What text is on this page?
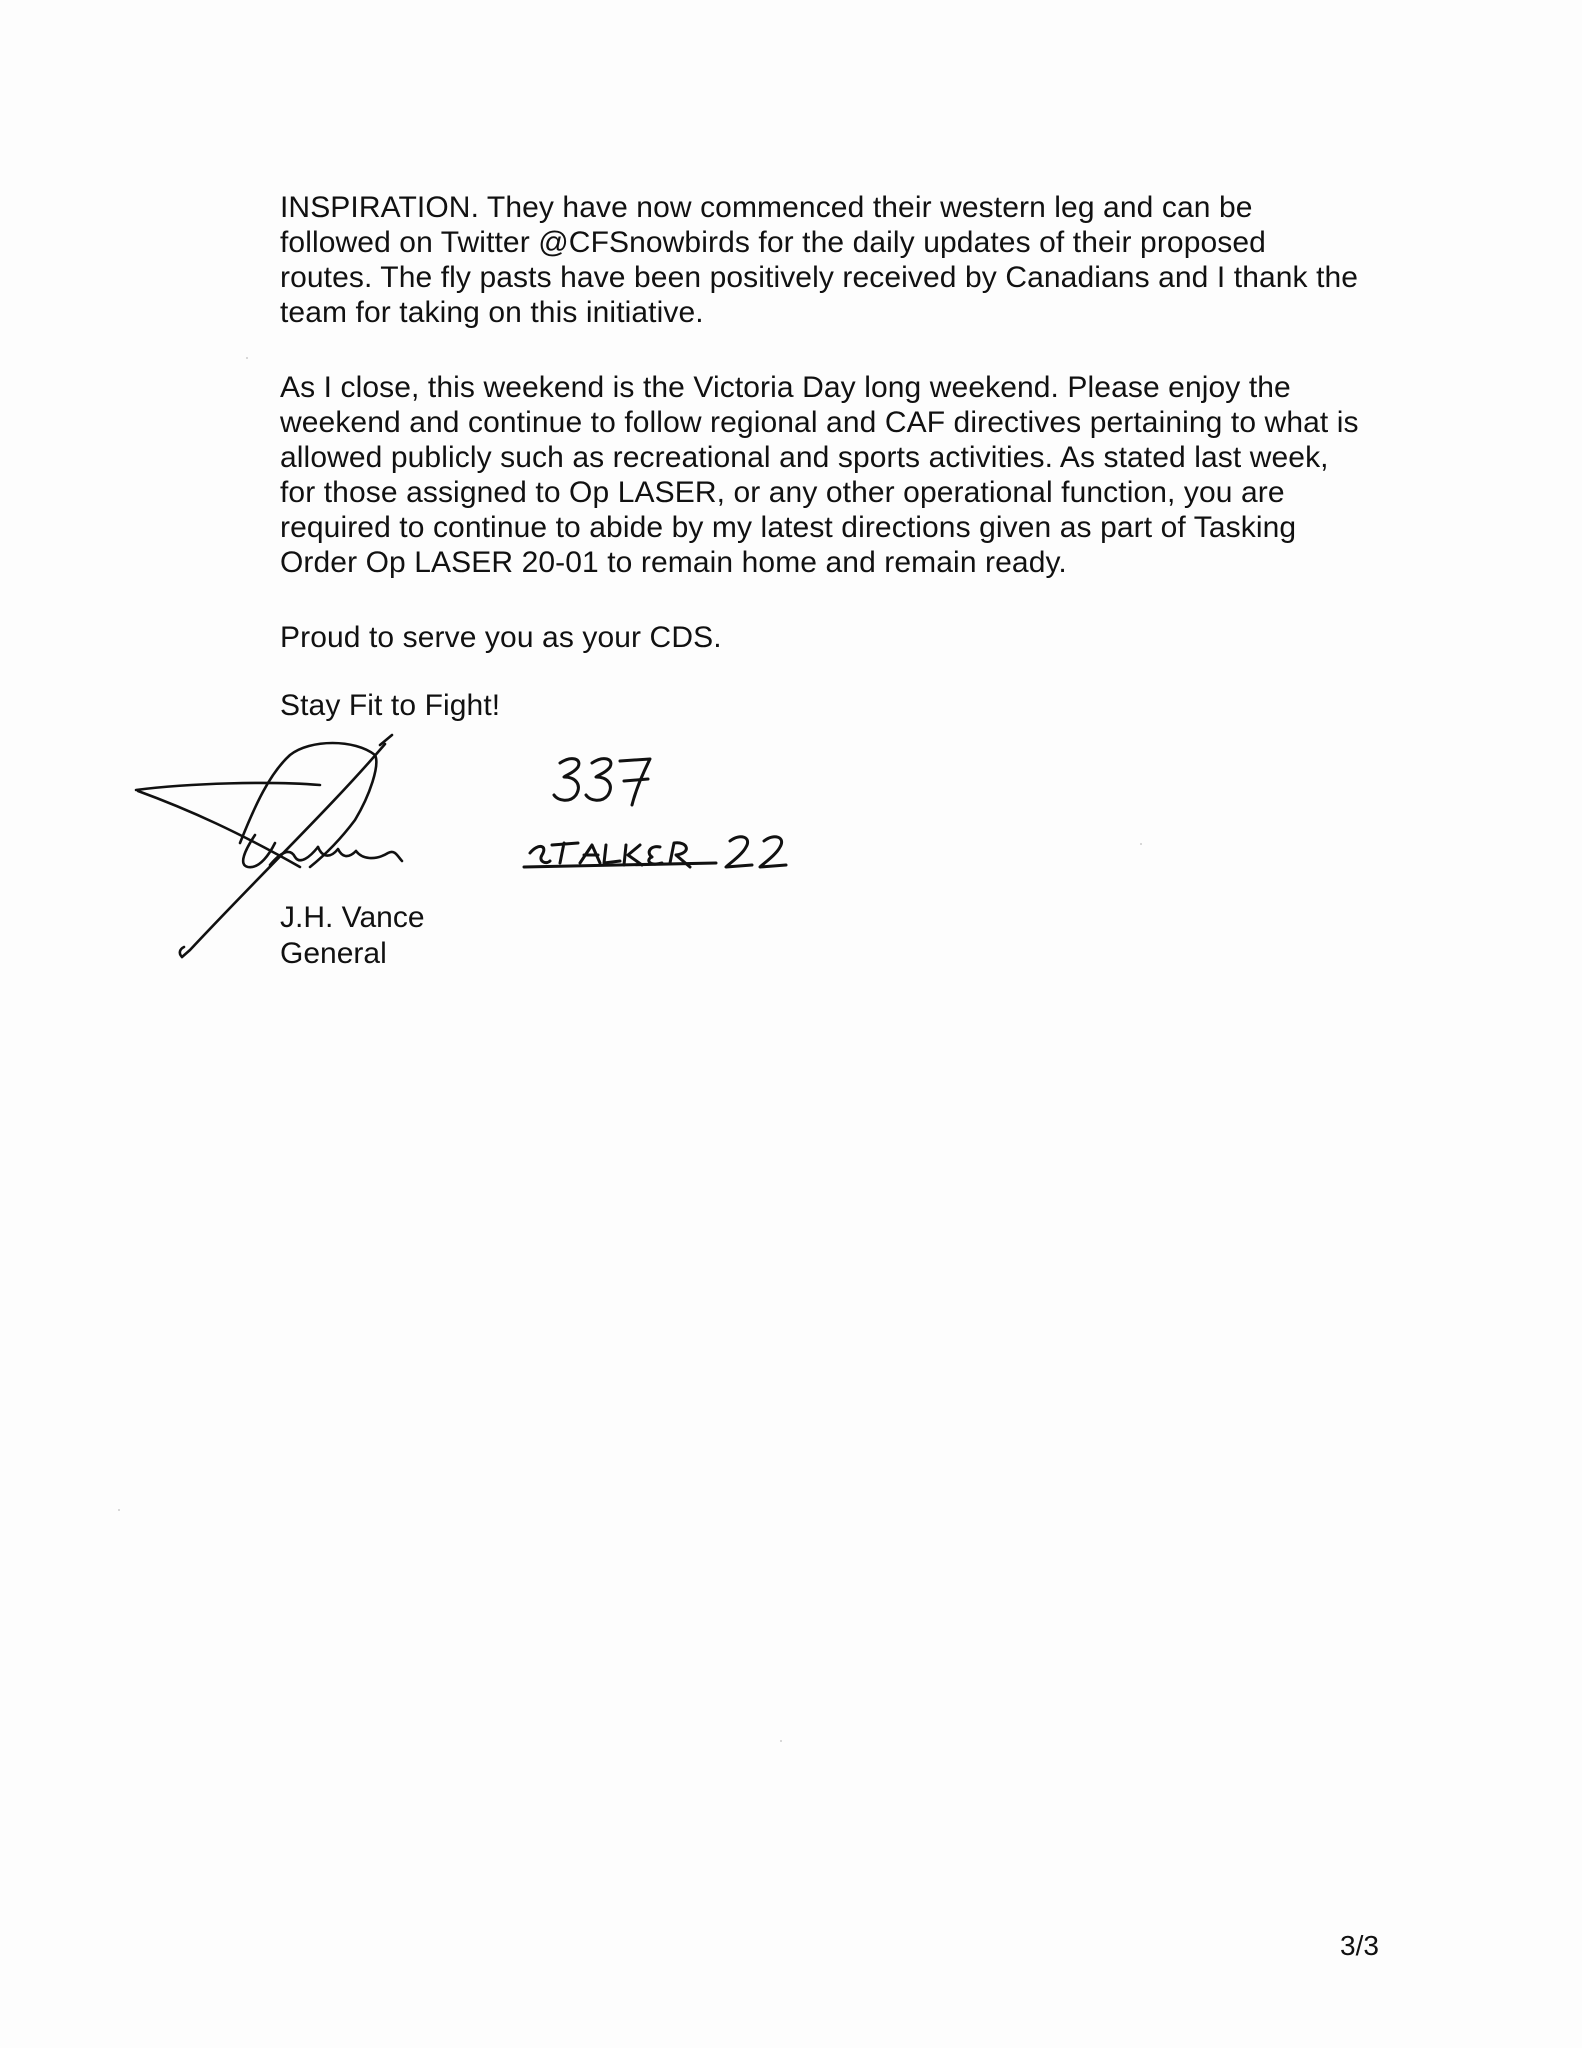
INSPIRATION. They have now commenced their western leg and can be
followed on Twitter @CFSnowbirds for the daily updates of their proposed
routes. The fly pasts have been positively received by Canadians and I thank the
team for taking on this initiative.

As I close, this weekend is the Victoria Day long weekend. Please enjoy the
weekend and continue to follow regional and CAF directives pertaining to what is
allowed publicly such as recreational and sports activities. As stated last week,
for those assigned to Op LASER, or any other operational function, you are
required to continue to abide by my latest directions given as part of Tasking
Order Op LASER 20-01 to remain home and remain ready.

Proud to serve you as your CDS.

Stay Fit to Fight!

J.H. Vance
General
3/3
